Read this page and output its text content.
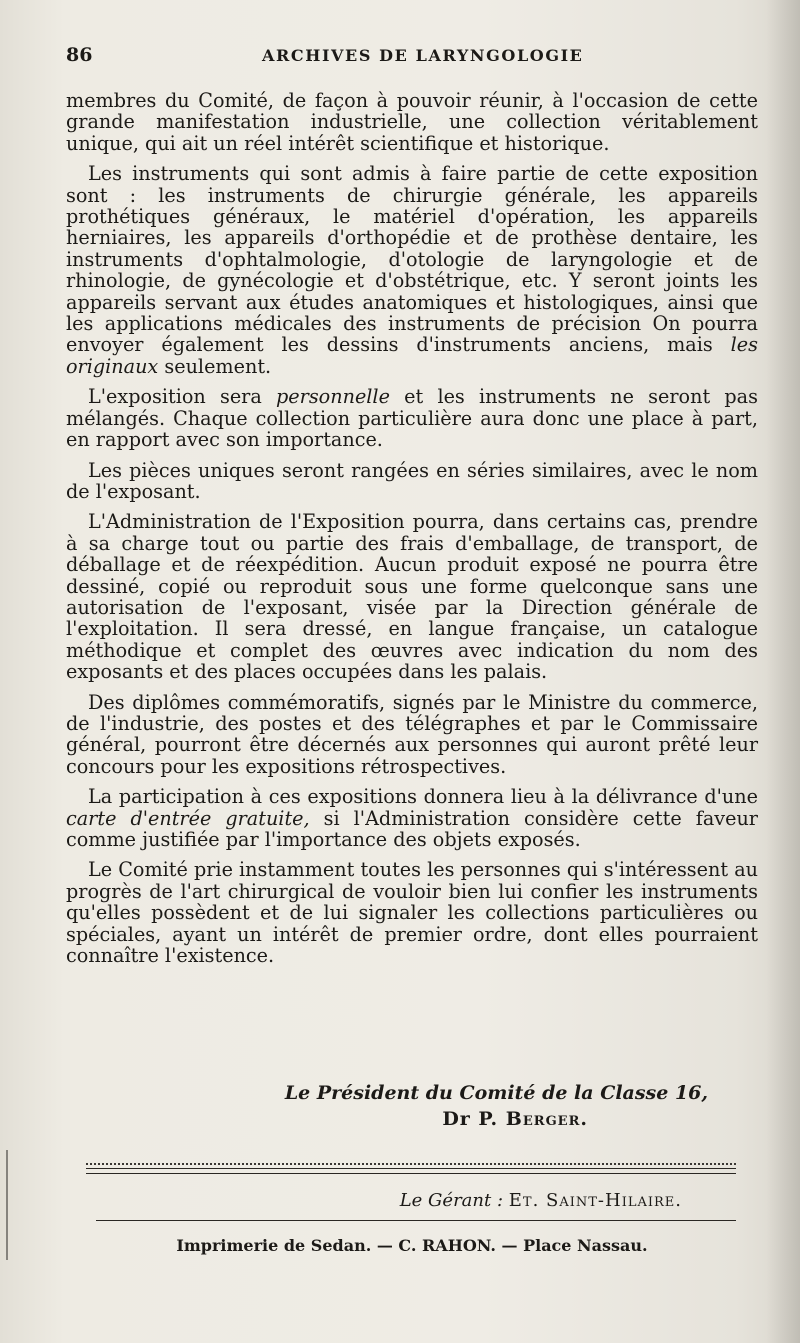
86	ARCHIVES DE LARYNGOLOGIE

membres du Comité, de façon à pouvoir réunir, à l'occasion de cette grande manifestation industrielle, une collection véritablement unique, qui ait un réel intérêt scientifique et historique.

Les instruments qui sont admis à faire partie de cette exposition sont : les instruments de chirurgie générale, les appareils prothétiques généraux, le matériel d'opération, les appareils herniaires, les appareils d'orthopédie et de prothèse dentaire, les instruments d'ophtalmologie, d'otologie de laryngologie et de rhinologie, de gynécologie et d'obstétrique, etc. Y seront joints les appareils servant aux études anatomiques et histologiques, ainsi que les applications médicales des instruments de précision On pourra envoyer également les dessins d'instruments anciens, mais les originaux seulement.

L'exposition sera personnelle et les instruments ne seront pas mélangés. Chaque collection particulière aura donc une place à part, en rapport avec son importance.

Les pièces uniques seront rangées en séries similaires, avec le nom de l'exposant.

L'Administration de l'Exposition pourra, dans certains cas, prendre à sa charge tout ou partie des frais d'emballage, de transport, de déballage et de réexpédition. Aucun produit exposé ne pourra être dessiné, copié ou reproduit sous une forme quelconque sans une autorisation de l'exposant, visée par la Direction générale de l'exploitation. Il sera dressé, en langue française, un catalogue méthodique et complet des œuvres avec indication du nom des exposants et des places occupées dans les palais.

Des diplômes commémoratifs, signés par le Ministre du commerce, de l'industrie, des postes et des télégraphes et par le Commissaire général, pourront être décernés aux personnes qui auront prêté leur concours pour les expositions rétrospectives.

La participation à ces expositions donnera lieu à la délivrance d'une carte d'entrée gratuite, si l'Administration considère cette faveur comme justifiée par l'importance des objets exposés.

Le Comité prie instamment toutes les personnes qui s'intéressent au progrès de l'art chirurgical de vouloir bien lui confier les instruments qu'elles possèdent et de lui signaler les collections particulières ou spéciales, ayant un intérêt de premier ordre, dont elles pourraient connaître l'existence.

Le Président du Comité de la Classe 16,
Dr P. Berger.
Le Gérant : Et. Saint-Hilaire.
Imprimerie de Sedan. — C. RAHON. — Place Nassau.
